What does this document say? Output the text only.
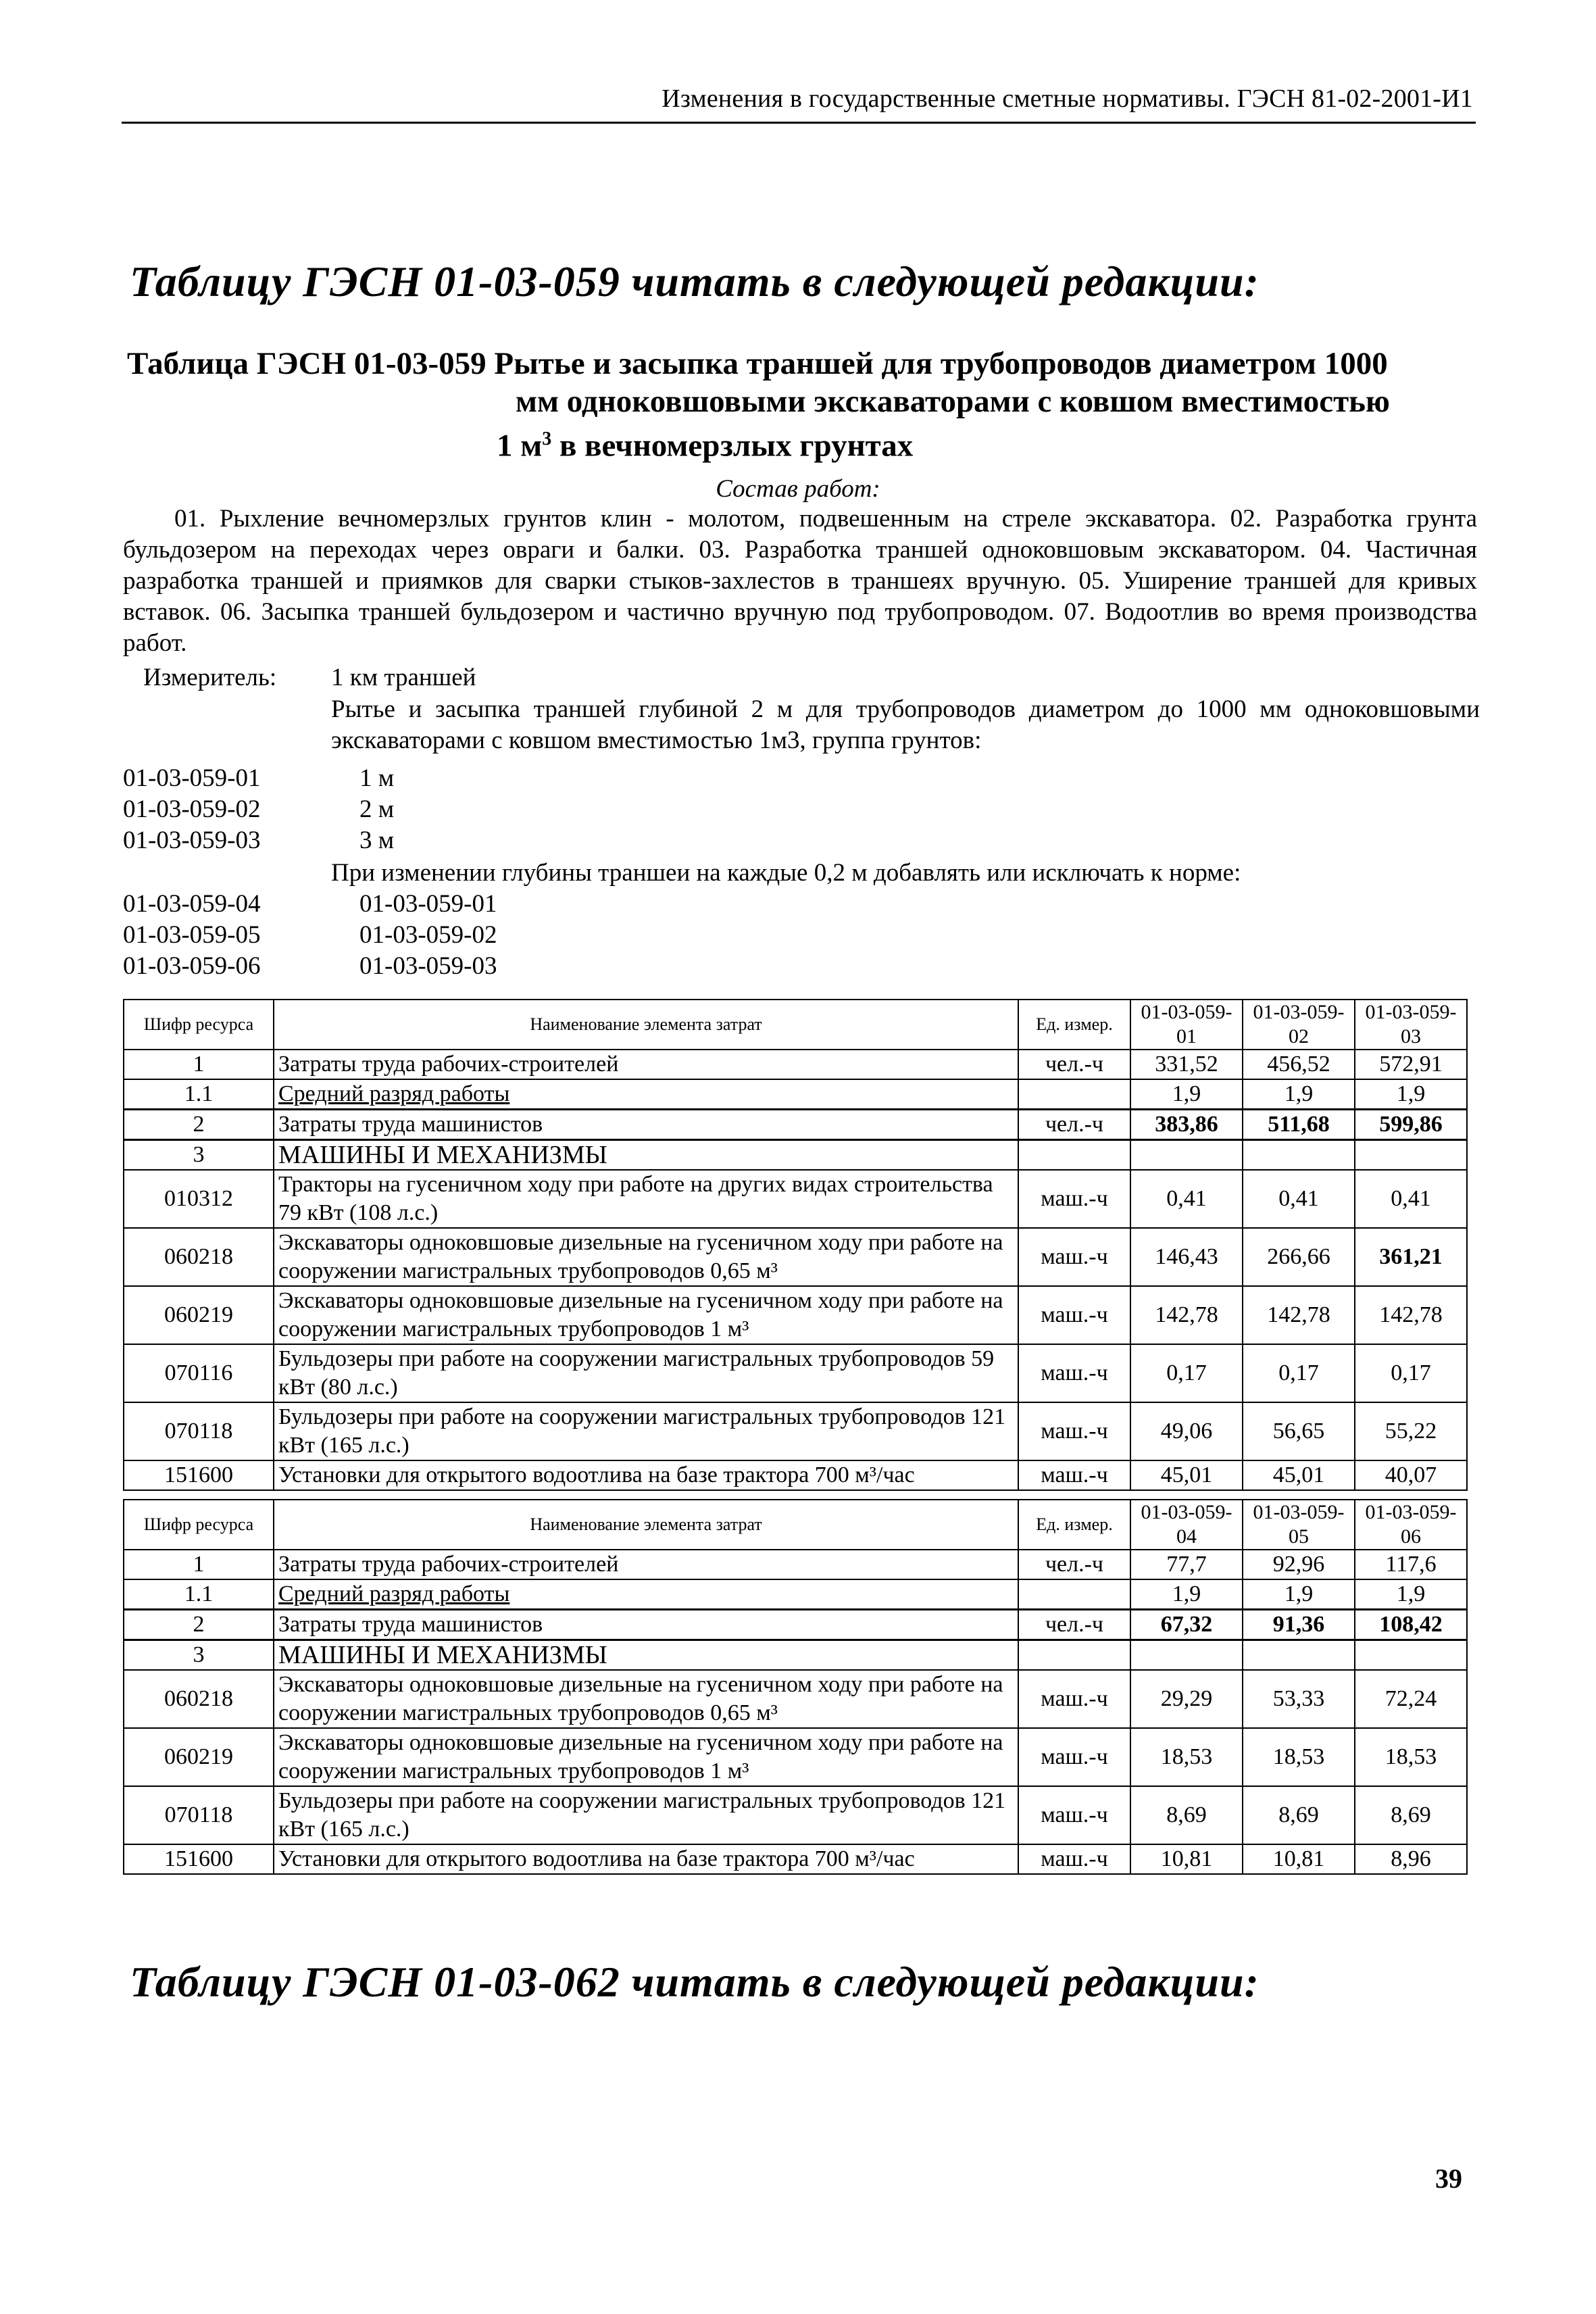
Изменения в государственные сметные нормативы. ГЭСН 81-02-2001-И1
Таблицу ГЭСН 01-03-059 читать в следующей редакции:
Таблица ГЭСН 01-03-059 Рытье и засыпка траншей для трубопроводов диаметром 1000
мм одноковшовыми экскаваторами с ковшом вместимостью
1 $м^3$ в вечномерзлых грунтах
Состав работ:
01. Рыхление вечномерзлых грунтов клин - молотом, подвешенным на стреле экскаватора. 02. Разработка грунта бульдозером на переходах через овраги и балки. 03. Разработка траншей одноковшовым экскаватором. 04. Частичная разработка траншей и приямков для сварки стыков-захлестов в траншеях вручную. 05. Уширение траншей для кривых вставок. 06. Засыпка траншей бульдозером и частично вручную под трубопроводом. 07. Водоотлив во время производства работ.
Измеритель: 1 км траншей
Рытье и засыпка траншей глубиной 2 м для трубопроводов диаметром до 1000 мм одноковшовыми экскаваторами с ковшом вместимостью 1м3, группа грунтов:
01-03-059-01	1 м
01-03-059-02	2 м
01-03-059-03	3 м
При изменении глубины траншеи на каждые 0,2 м добавлять или исключать к норме:
01-03-059-04	01-03-059-01
01-03-059-05	01-03-059-02
01-03-059-06	01-03-059-03
Шифр ресурса	Наименование элемента затрат	Ед. измер.	01-03-059-01	01-03-059-02	01-03-059-03
1	Затраты труда рабочих-строителей	чел.-ч	331,52	456,52	572,91
1.1	Средний разряд работы		1,9	1,9	1,9
2	Затраты труда машинистов	чел.-ч	383,86	511,68	599,86
3	МАШИНЫ И МЕХАНИЗМЫ				
010312	Тракторы на гусеничном ходу при работе на других видах строительства 79 кВт (108 л.с.)	маш.-ч	0,41	0,41	0,41
060218	Экскаваторы одноковшовые дизельные на гусеничном ходу при работе на сооружении магистральных трубопроводов 0,65 м³	маш.-ч	146,43	266,66	361,21
060219	Экскаваторы одноковшовые дизельные на гусеничном ходу при работе на сооружении магистральных трубопроводов 1 м³	маш.-ч	142,78	142,78	142,78
070116	Бульдозеры при работе на сооружении магистральных трубопроводов 59 кВт (80 л.с.)	маш.-ч	0,17	0,17	0,17
070118	Бульдозеры при работе на сооружении магистральных трубопроводов 121 кВт (165 л.с.)	маш.-ч	49,06	56,65	55,22
151600	Установки для открытого водоотлива на базе трактора 700 м³/час	маш.-ч	45,01	45,01	40,07
Шифр ресурса	Наименование элемента затрат	Ед. измер.	01-03-059-04	01-03-059-05	01-03-059-06
1	Затраты труда рабочих-строителей	чел.-ч	77,7	92,96	117,6
1.1	Средний разряд работы		1,9	1,9	1,9
2	Затраты труда машинистов	чел.-ч	67,32	91,36	108,42
3	МАШИНЫ И МЕХАНИЗМЫ				
060218	Экскаваторы одноковшовые дизельные на гусеничном ходу при работе на сооружении магистральных трубопроводов 0,65 м³	маш.-ч	29,29	53,33	72,24
060219	Экскаваторы одноковшовые дизельные на гусеничном ходу при работе на сооружении магистральных трубопроводов 1 м³	маш.-ч	18,53	18,53	18,53
070118	Бульдозеры при работе на сооружении магистральных трубопроводов 121 кВт (165 л.с.)	маш.-ч	8,69	8,69	8,69
151600	Установки для открытого водоотлива на базе трактора 700 м³/час	маш.-ч	10,81	10,81	8,96
Таблицу ГЭСН 01-03-062 читать в следующей редакции:
39
